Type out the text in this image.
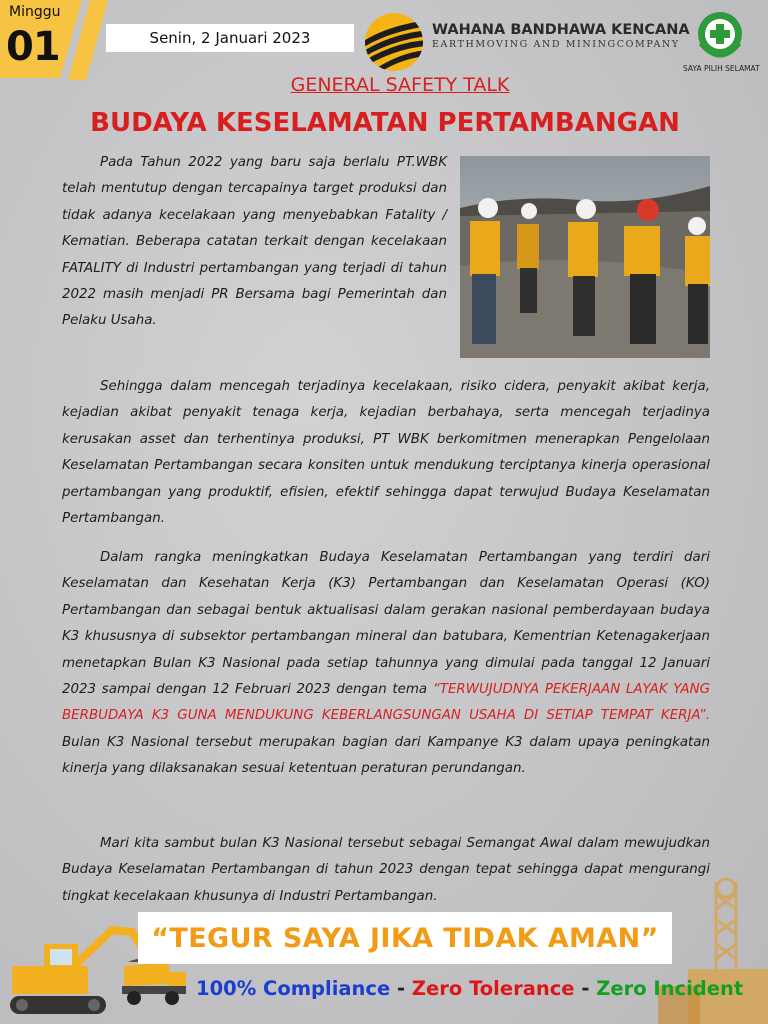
Minggu
01	Senin, 2 Januari 2023	WAHANA BANDHAWA KENCANA
EARTHMOVING AND MININGCOMPANY
SAYA PILIH SELAMAT
GENERAL SAFETY TALK
BUDAYA KESELAMATAN PERTAMBANGAN

Pada Tahun 2022 yang baru saja berlalu PT.WBK telah mentutup dengan tercapainya target produksi dan tidak adanya kecelakaan yang menyebabkan Fatality / Kematian. Beberapa catatan terkait dengan kecelakaan FATALITY di Industri pertambangan yang terjadi di tahun 2022 masih menjadi PR Bersama bagi Pemerintah dan Pelaku Usaha.

Sehingga dalam mencegah terjadinya kecelakaan, risiko cidera, penyakit akibat kerja, kejadian akibat penyakit tenaga kerja, kejadian berbahaya, serta mencegah terjadinya kerusakan asset dan terhentinya produksi, PT WBK berkomitmen menerapkan Pengelolaan Keselamatan Pertambangan secara konsiten untuk mendukung terciptanya kinerja operasional pertambangan yang produktif, efisien, efektif sehingga dapat terwujud Budaya Keselamatan Pertambangan.

Dalam rangka meningkatkan Budaya Keselamatan Pertambangan yang terdiri dari Keselamatan dan Kesehatan Kerja (K3) Pertambangan dan Keselamatan Operasi (KO) Pertambangan dan sebagai bentuk aktualisasi dalam gerakan nasional pemberdayaan budaya K3 khususnya di subsektor pertambangan mineral dan batubara, Kementrian Ketenagakerjaan menetapkan Bulan K3 Nasional pada setiap tahunnya yang dimulai pada tanggal 12 Januari 2023 sampai dengan 12 Februari 2023 dengan tema “TERWUJUDNYA PEKERJAAN LAYAK YANG BERBUDAYA K3 GUNA MENDUKUNG KEBERLANGSUNGAN USAHA DI SETIAP TEMPAT KERJA”. Bulan K3 Nasional tersebut merupakan bagian dari Kampanye K3 dalam upaya peningkatan kinerja yang dilaksanakan sesuai ketentuan peraturan perundangan.

Mari kita sambut bulan K3 Nasional tersebut sebagai Semangat Awal dalam mewujudkan Budaya Keselamatan Pertambangan di tahun 2023 dengan tepat sehingga dapat mengurangi tingkat kecelakaan khusunya di Industri Pertambangan.

“TEGUR SAYA JIKA TIDAK AMAN”
100% Compliance - Zero Tolerance - Zero Incident
